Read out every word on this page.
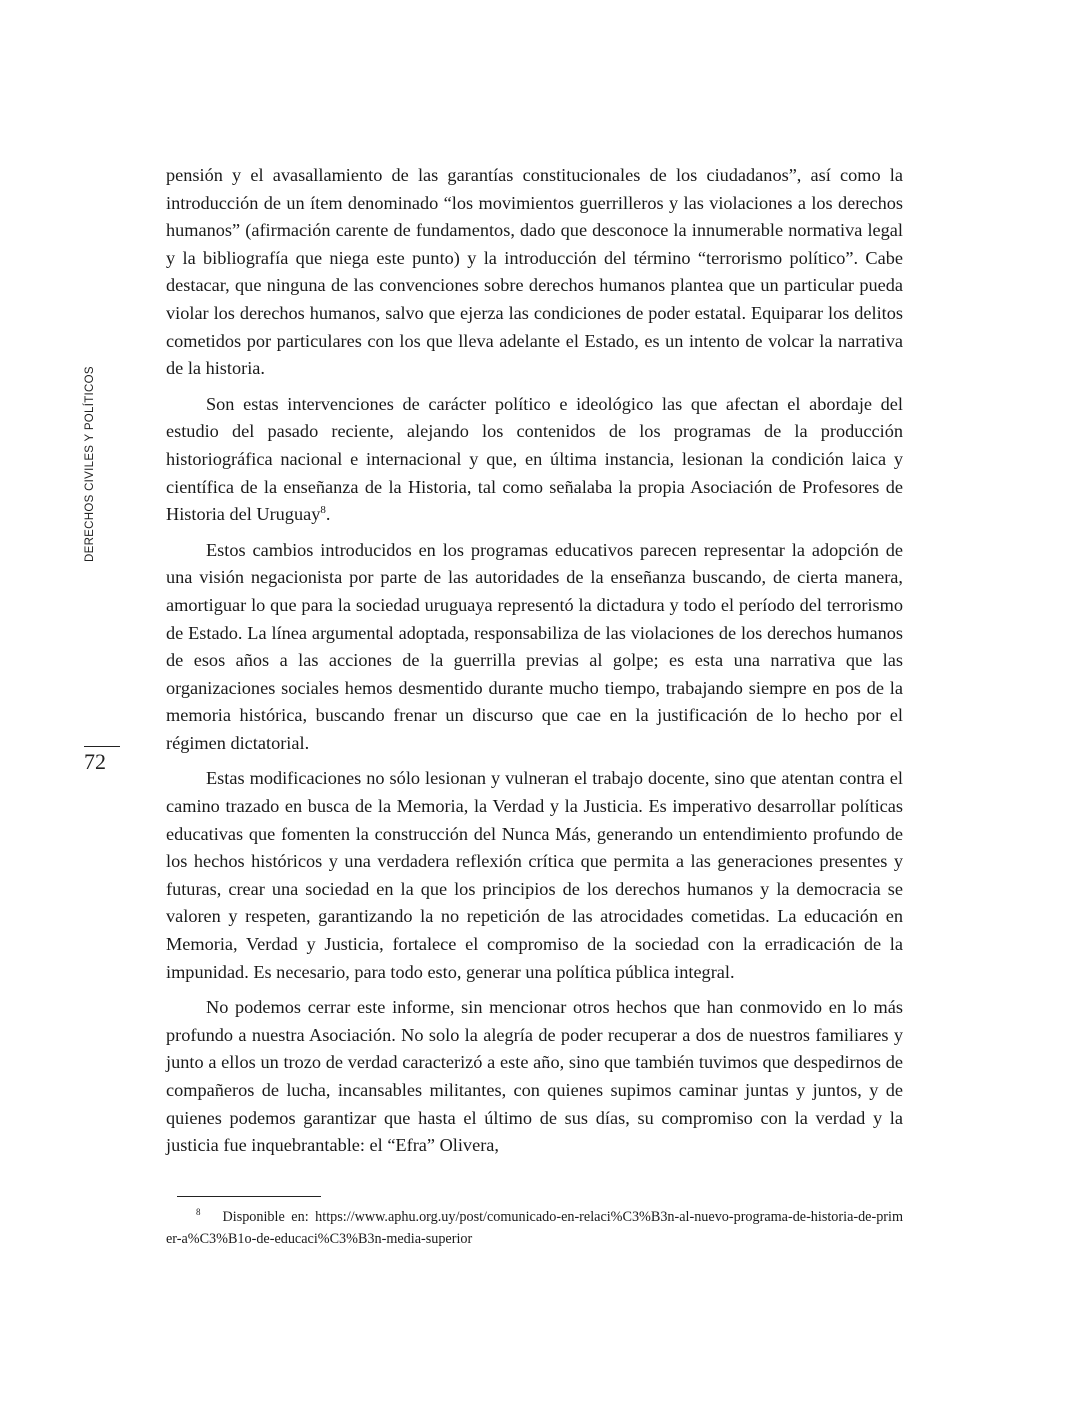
DERECHOS CIVILES Y POLÍTICOS
72

pensión y el avasallamiento de las garantías constitucionales de los ciudadanos”, así como la introducción de un ítem denominado “los movimientos guerrilleros y las violaciones a los derechos humanos” (afirmación carente de fundamentos, dado que desconoce la innumerable normativa legal y la bibliografía que niega este punto) y la introducción del término “terrorismo político”. Cabe destacar, que ninguna de las convenciones sobre derechos humanos plantea que un particular pueda violar los derechos humanos, salvo que ejerza las condiciones de poder estatal. Equiparar los delitos cometidos por particulares con los que lleva adelante el Estado, es un intento de volcar la narrativa de la historia.

Son estas intervenciones de carácter político e ideológico las que afectan el abordaje del estudio del pasado reciente, alejando los contenidos de los programas de la producción historiográfica nacional e internacional y que, en última instancia, lesionan la condición laica y científica de la enseñanza de la Historia, tal como señalaba la propia Asociación de Profesores de Historia del Uruguay$^8$.

Estos cambios introducidos en los programas educativos parecen representar la adopción de una visión negacionista por parte de las autoridades de la enseñanza buscando, de cierta manera, amortiguar lo que para la sociedad uruguaya representó la dictadura y todo el período del terrorismo de Estado. La línea argumental adoptada, responsabiliza de las violaciones de los derechos humanos de esos años a las acciones de la guerrilla previas al golpe; es esta una narrativa que las organizaciones sociales hemos desmentido durante mucho tiempo, trabajando siempre en pos de la memoria histórica, buscando frenar un discurso que cae en la justificación de lo hecho por el régimen dictatorial.

Estas modificaciones no sólo lesionan y vulneran el trabajo docente, sino que atentan contra el camino trazado en busca de la Memoria, la Verdad y la Justicia. Es imperativo desarrollar políticas educativas que fomenten la construcción del Nunca Más, generando un entendimiento profundo de los hechos históricos y una verdadera reflexión crítica que permita a las generaciones presentes y futuras, crear una sociedad en la que los principios de los derechos humanos y la democracia se valoren y respeten, garantizando la no repetición de las atrocidades cometidas. La educación en Memoria, Verdad y Justicia, fortalece el compromiso de la sociedad con la erradicación de la impunidad. Es necesario, para todo esto, generar una política pública integral.

No podemos cerrar este informe, sin mencionar otros hechos que han conmovido en lo más profundo a nuestra Asociación. No solo la alegría de poder recuperar a dos de nuestros familiares y junto a ellos un trozo de verdad caracterizó a este año, sino que también tuvimos que despedirnos de compañeros de lucha, incansables militantes, con quienes supimos caminar juntas y juntos, y de quienes podemos garantizar que hasta el último de sus días, su compromiso con la verdad y la justicia fue inquebrantable: el “Efra” Olivera,

$^8$ Disponible en: https://www.aphu.org.uy/post/comunicado-en-relaci%C3%B3n-al-nuevo-programa-de-historia-de-primer-a%C3%B1o-de-educaci%C3%B3n-media-superior
